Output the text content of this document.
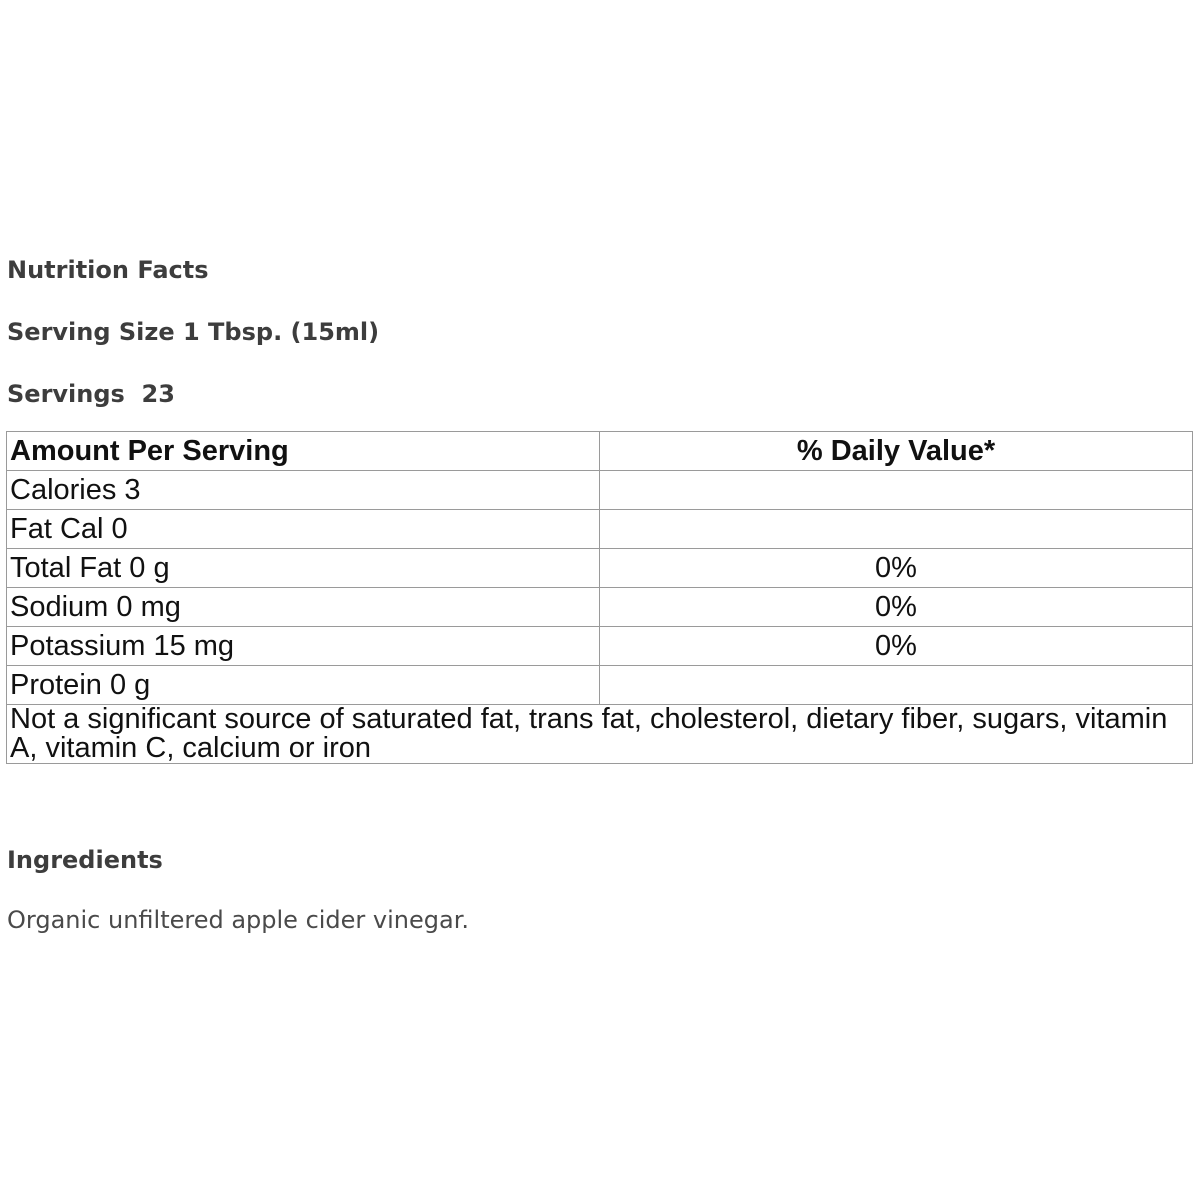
Nutrition Facts

Serving Size 1 Tbsp. (15ml)

Servings  23

Amount Per Serving	% Daily Value*
Calories 3	
Fat Cal 0	
Total Fat 0 g	0%
Sodium 0 mg	0%
Potassium 15 mg	0%
Protein 0 g	
Not a significant source of saturated fat, trans fat, cholesterol, dietary fiber, sugars, vitamin A, vitamin C, calcium or iron	

Ingredients

Organic unfiltered apple cider vinegar.
